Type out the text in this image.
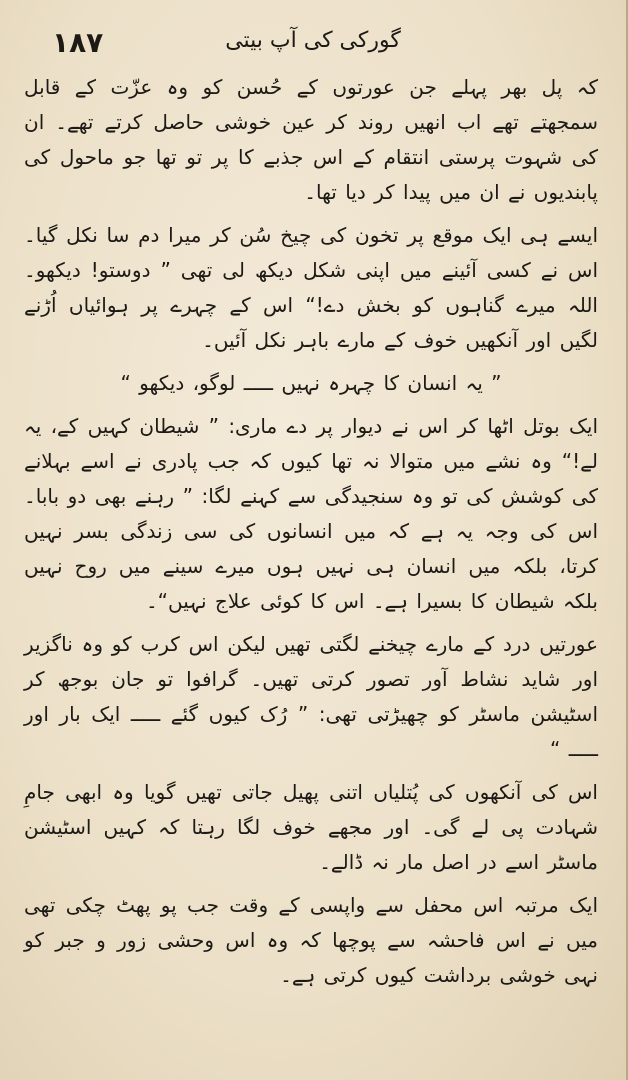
۱۸۷	گورکی کی آپ بیتی

کہ پل بھر پہلے جن عورتوں کے حُسن کو وہ عزّت کے قابل سمجھتے تھے اب انھیں روند کر عین خوشی حاصل کرتے تھے۔ ان کی شہوت پرستی انتقام کے اس جذبے کا پر تو تھا جو ماحول کی پابندیوں نے ان میں پیدا کر دیا تھا۔

ایسے ہی ایک موقع پر تخون کی چیخ سُن کر میرا دم سا نکل گیا۔ اس نے کسی آئینے میں اپنی شکل دیکھ لی تھی ” دوستو! دیکھو۔ اللہ میرے گناہوں کو بخش دے!“ اس کے چہرے پر ہوائیاں اُڑنے لگیں اور آنکھیں خوف کے مارے باہر نکل آئیں۔

” یہ انسان کا چہرہ نہیں ـــــ لوگو، دیکھو “

ایک بوتل اٹھا کر اس نے دیوار پر دے ماری: ” شیطان کہیں کے، یہ لے!“ وہ نشے میں متوالا نہ تھا کیوں کہ جب پادری نے اسے بہلانے کی کوشش کی تو وہ سنجیدگی سے کہنے لگا: ” رہنے بھی دو بابا۔ اس کی وجہ یہ ہے کہ میں انسانوں کی سی زندگی بسر نہیں کرتا، بلکہ میں انسان ہی نہیں ہوں میرے سینے میں روح نہیں بلکہ شیطان کا بسیرا ہے۔ اس کا کوئی علاج نہیں“۔

عورتیں درد کے مارے چیخنے لگتی تھیں لیکن اس کرب کو وہ ناگزیر اور شاید نشاط آور تصور کرتی تھیں۔ گرافوا تو جان بوجھ کر اسٹیشن ماسٹر کو چھیڑتی تھی: ” رُک کیوں گئے ـــــ ایک بار اور ـــــ “

اس کی آنکھوں کی پُتلیاں اتنی پھیل جاتی تھیں گویا وہ ابھی جامِ شہادت پی لے گی۔ اور مجھے خوف لگا رہتا کہ کہیں اسٹیشن ماسٹر اسے در اصل مار نہ ڈالے۔

ایک مرتبہ اس محفل سے واپسی کے وقت جب پو پھٹ چکی تھی میں نے اس فاحشہ سے پوچھا کہ وہ اس وحشی زور و جبر کو نہی خوشی برداشت کیوں کرتی ہے۔
